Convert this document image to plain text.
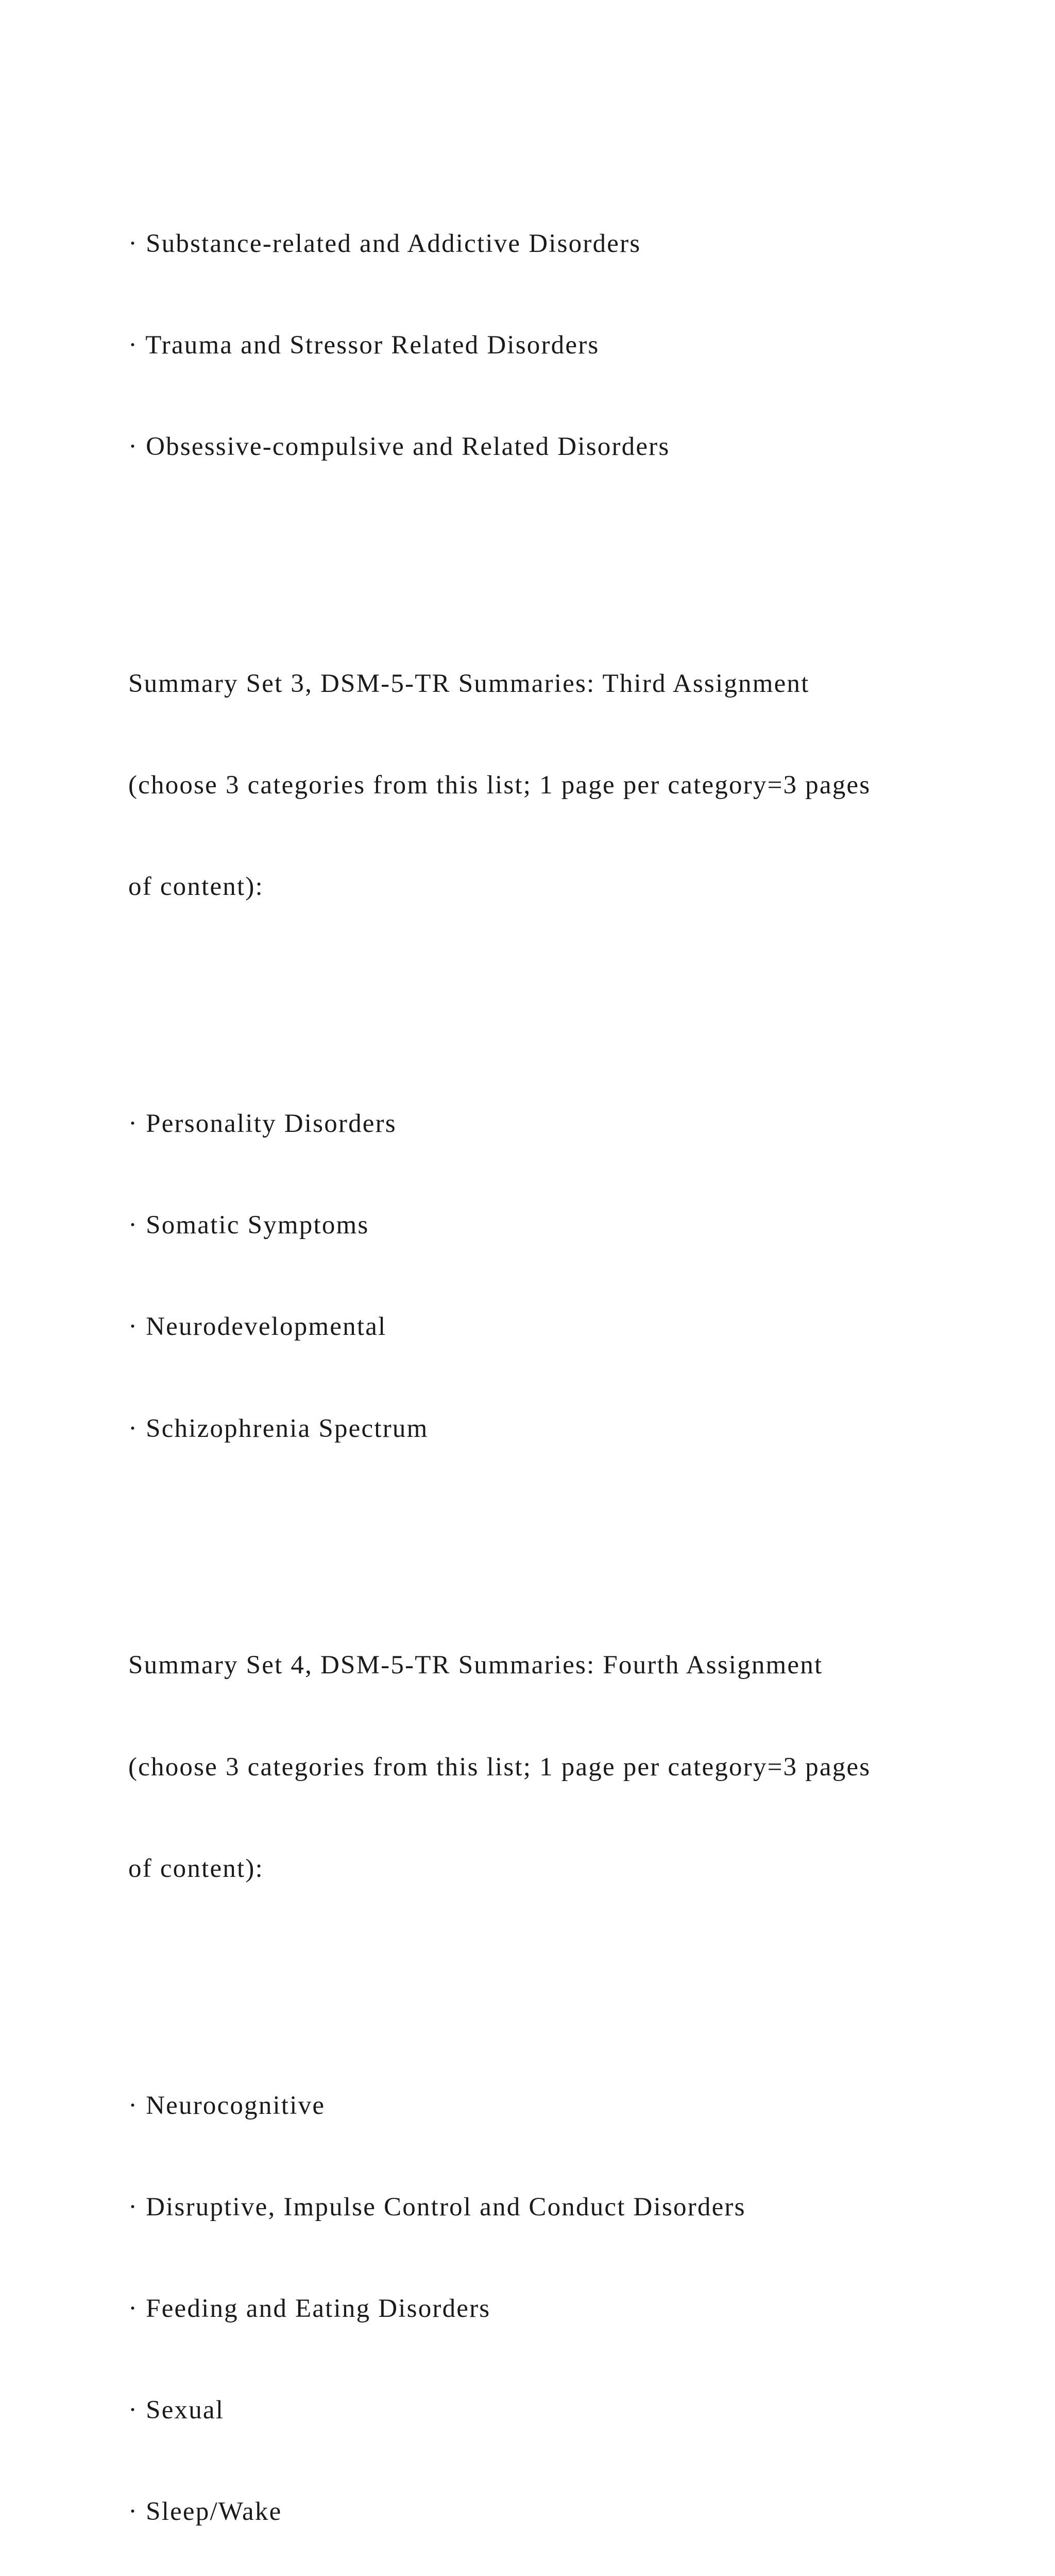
· Substance-related and Addictive Disorders

· Trauma and Stressor Related Disorders

· Obsessive-compulsive and Related Disorders

Summary Set 3, DSM-5-TR Summaries: Third Assignment

(choose 3 categories from this list; 1 page per category=3 pages

of content):

· Personality Disorders

· Somatic Symptoms

· Neurodevelopmental

· Schizophrenia Spectrum

Summary Set 4, DSM-5-TR Summaries: Fourth Assignment

(choose 3 categories from this list; 1 page per category=3 pages

of content):

· Neurocognitive

· Disruptive, Impulse Control and Conduct Disorders

· Feeding and Eating Disorders

· Sexual

· Sleep/Wake
